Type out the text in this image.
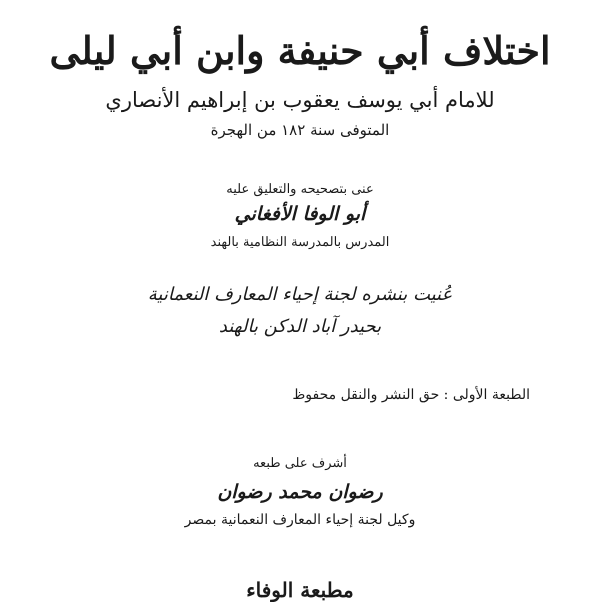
اختلاف أبي حنيفة وابن أبي ليلى
للامام أبي يوسف يعقوب بن إبراهيم الأنصاري
المتوفى سنة ١٨٢ من الهجرة
عنى بتصحيحه والتعليق عليه
أبو الوفا الأفغاني
المدرس بالمدرسة النظامية بالهند
عُنيت بنشره لجنة إحياء المعارف النعمانية
بحيدر آباد الدكن بالهند
الطبعة الأولى : حق النشر والنقل محفوظ
أشرف على طبعه
رضوان محمد رضوان
وكيل لجنة إحياء المعارف النعمانية بمصر
مطبعة الوفاء
